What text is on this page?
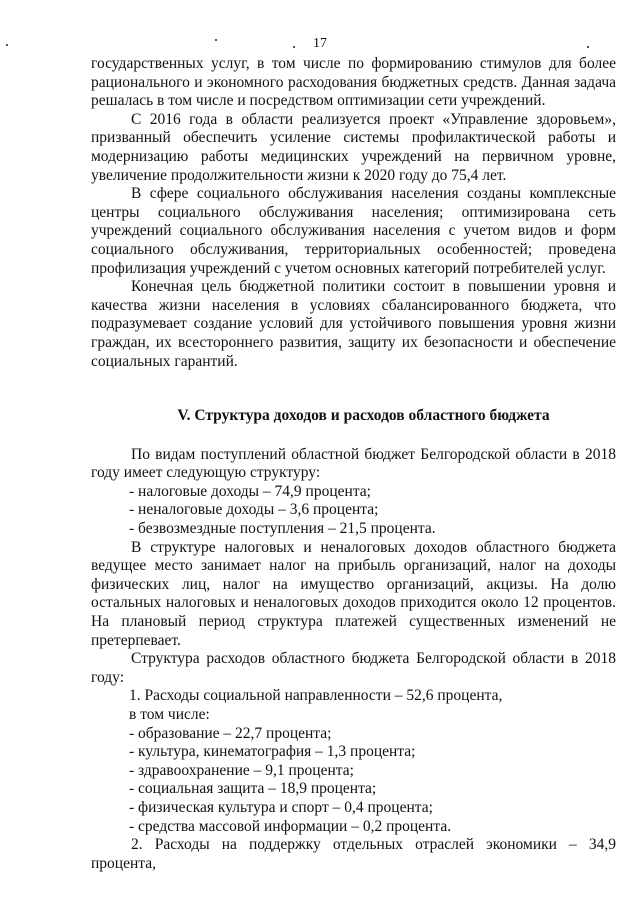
17

государственных услуг, в том числе по формированию стимулов для более рационального и экономного расходования бюджетных средств. Данная задача решалась в том числе и посредством оптимизации сети учреждений.

С 2016 года в области реализуется проект «Управление здоровьем», призванный обеспечить усиление системы профилактической работы и модернизацию работы медицинских учреждений на первичном уровне, увеличение продолжительности жизни к 2020 году до 75,4 лет.

В сфере социального обслуживания населения созданы комплексные центры социального обслуживания населения; оптимизирована сеть учреждений социального обслуживания населения с учетом видов и форм социального обслуживания, территориальных особенностей; проведена профилизация учреждений с учетом основных категорий потребителей услуг.

Конечная цель бюджетной политики состоит в повышении уровня и качества жизни населения в условиях сбалансированного бюджета, что подразумевает создание условий для устойчивого повышения уровня жизни граждан, их всестороннего развития, защиту их безопасности и обеспечение социальных гарантий.

V. Структура доходов и расходов областного бюджета

По видам поступлений областной бюджет Белгородской области в 2018 году имеет следующую структуру:

- налоговые доходы – 74,9 процента;

- неналоговые доходы – 3,6 процента;

- безвозмездные поступления – 21,5 процента.

В структуре налоговых и неналоговых доходов областного бюджета ведущее место занимает налог на прибыль организаций, налог на доходы физических лиц, налог на имущество организаций, акцизы. На долю остальных налоговых и неналоговых доходов приходится около 12 процентов. На плановый период структура платежей существенных изменений не претерпевает.

Структура расходов областного бюджета Белгородской области в 2018 году:

1. Расходы социальной направленности – 52,6 процента,

в том числе:

- образование – 22,7 процента;

- культура, кинематография – 1,3 процента;

- здравоохранение – 9,1 процента;

- социальная защита – 18,9 процента;

- физическая культура и спорт – 0,4 процента;

- средства массовой информации – 0,2 процента.

2. Расходы на поддержку отдельных отраслей экономики – 34,9 процента,
